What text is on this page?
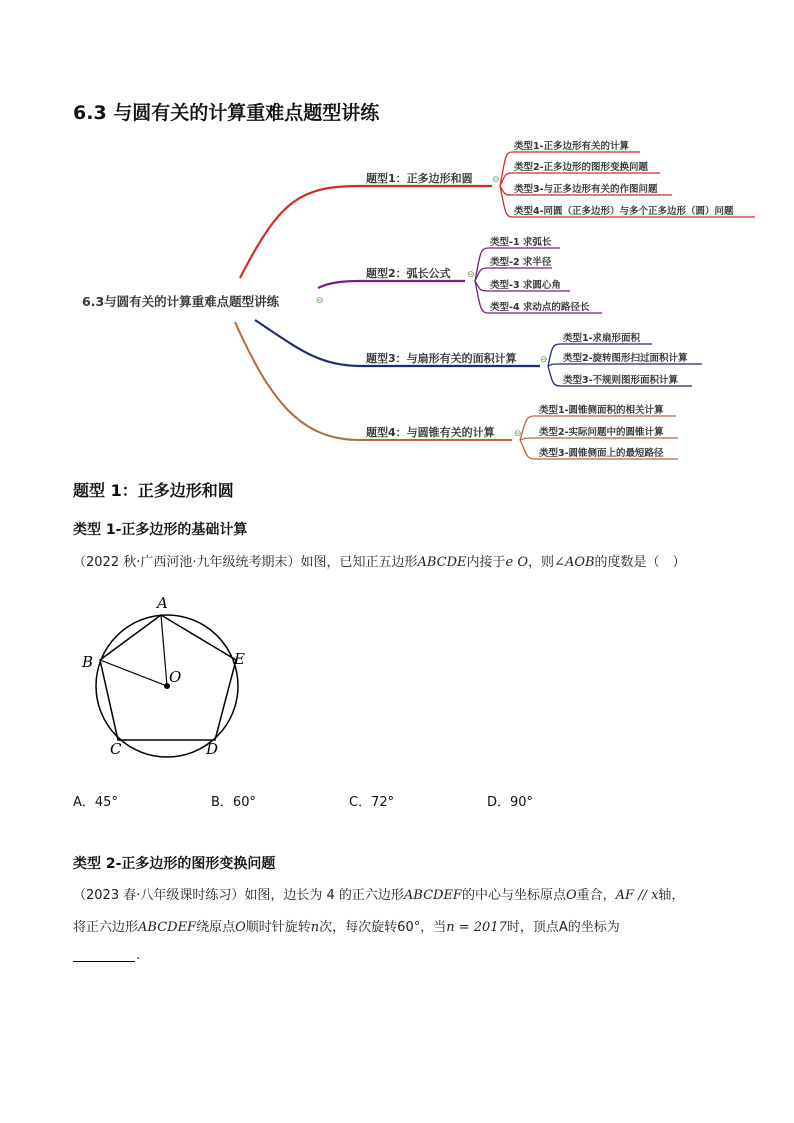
6.3 与圆有关的计算重难点题型讲练
6.3与圆有关的计算重难点题型讲练	⊖
题型1：正多边形和圆 ⊖
题型2：弧长公式 ⊖
题型3：与扇形有关的面积计算	⊖
题型4：与圆锥有关的计算 ⊖
类型1-正多边形有关的计算
类型2-正多边形的图形变换问题
类型3-与正多边形有关的作图问题
类型4-同圆（正多边形）与多个正多边形（圆）问题
类型-1 求弧长
类型-2 求半径
类型-3 求圆心角
类型-4 求动点的路径长
类型1-求扇形面积
类型2-旋转图形扫过面积计算
类型3-不规则图形面积计算
类型1-圆锥侧面积的相关计算
类型2-实际问题中的圆锥计算
类型3-圆锥侧面上的最短路径
题型 1：正多边形和圆
类型 1-正多边形的基础计算
（2022 秋·广西河池·九年级统考期末）如图，已知正五边形ABCDE内接于e O，则∠AOB的度数是（　）
A
B
C	D
E
O
A．45°	B．60°	C．72°	D．90°
类型 2-正多边形的图形变换问题
（2023 春·八年级课时练习）如图，边长为 4 的正六边形ABCDEF的中心与坐标原点O重合，AF // x轴，
将正六边形ABCDEF绕原点O顺时针旋转n次，每次旋转60°，当n = 2017时，顶点A的坐标为
.
